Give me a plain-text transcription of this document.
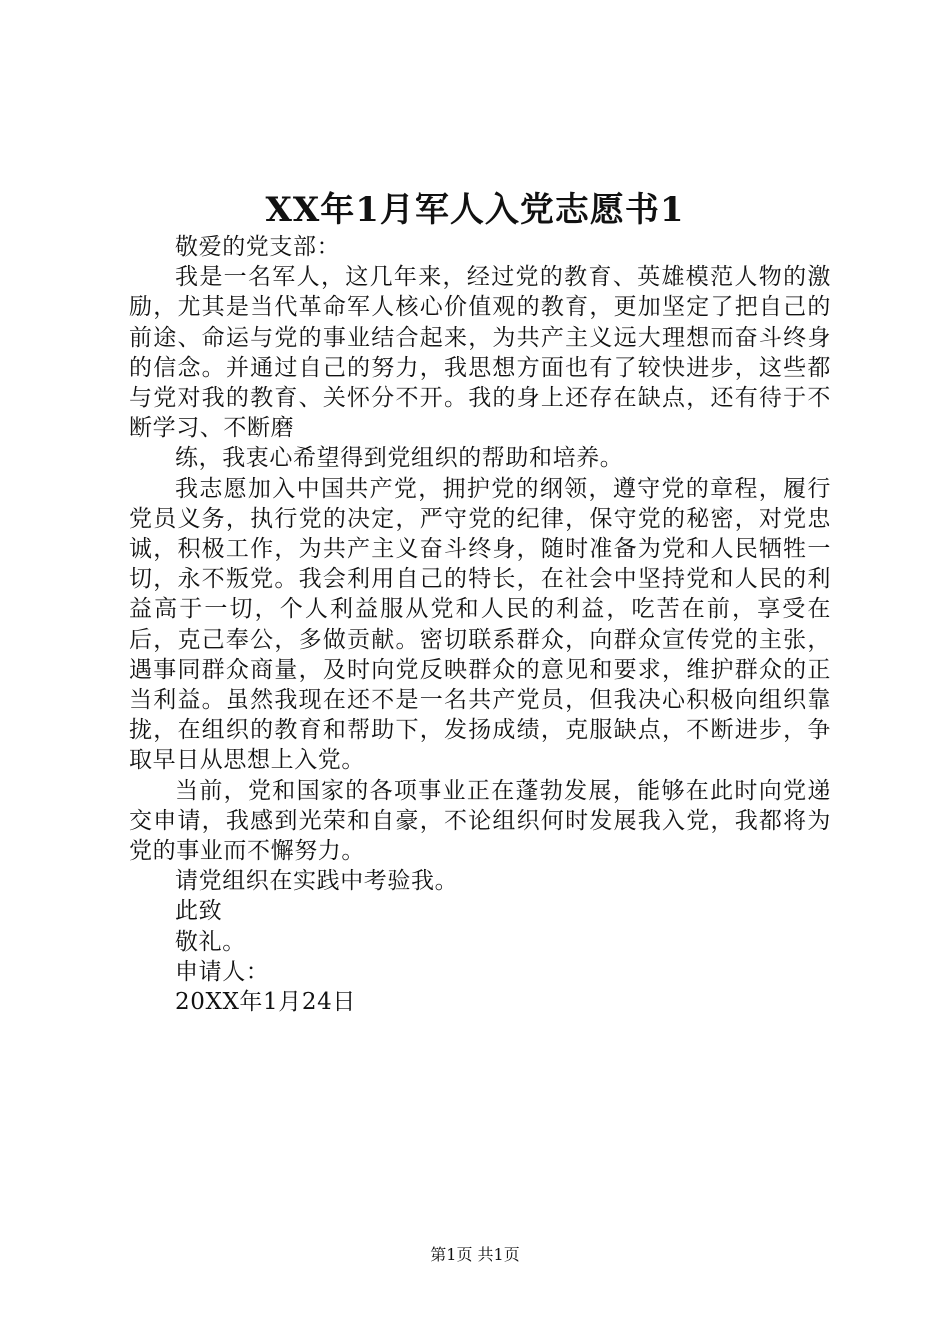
XX年1月军人入党志愿书1

敬爱的党支部：

我是一名军人，这几年来，经过党的教育、英雄模范人物的激励，尤其是当代革命军人核心价值观的教育，更加坚定了把自己的前途、命运与党的事业结合起来，为共产主义远大理想而奋斗终身的信念。并通过自己的努力，我思想方面也有了较快进步，这些都与党对我的教育、关怀分不开。我的身上还存在缺点，还有待于不断学习、不断磨

练，我衷心希望得到党组织的帮助和培养。

我志愿加入中国共产党，拥护党的纲领，遵守党的章程，履行党员义务，执行党的决定，严守党的纪律，保守党的秘密，对党忠诚，积极工作，为共产主义奋斗终身，随时准备为党和人民牺牲一切，永不叛党。我会利用自己的特长，在社会中坚持党和人民的利益高于一切，个人利益服从党和人民的利益，吃苦在前，享受在后，克己奉公，多做贡献。密切联系群众，向群众宣传党的主张，遇事同群众商量，及时向党反映群众的意见和要求，维护群众的正当利益。虽然我现在还不是一名共产党员，但我决心积极向组织靠拢，在组织的教育和帮助下，发扬成绩，克服缺点，不断进步，争取早日从思想上入党。

当前，党和国家的各项事业正在蓬勃发展，能够在此时向党递交申请，我感到光荣和自豪，不论组织何时发展我入党，我都将为党的事业而不懈努力。

请党组织在实践中考验我。

此致

敬礼。

申请人：

20XX年1月24日

第1页 共1页
